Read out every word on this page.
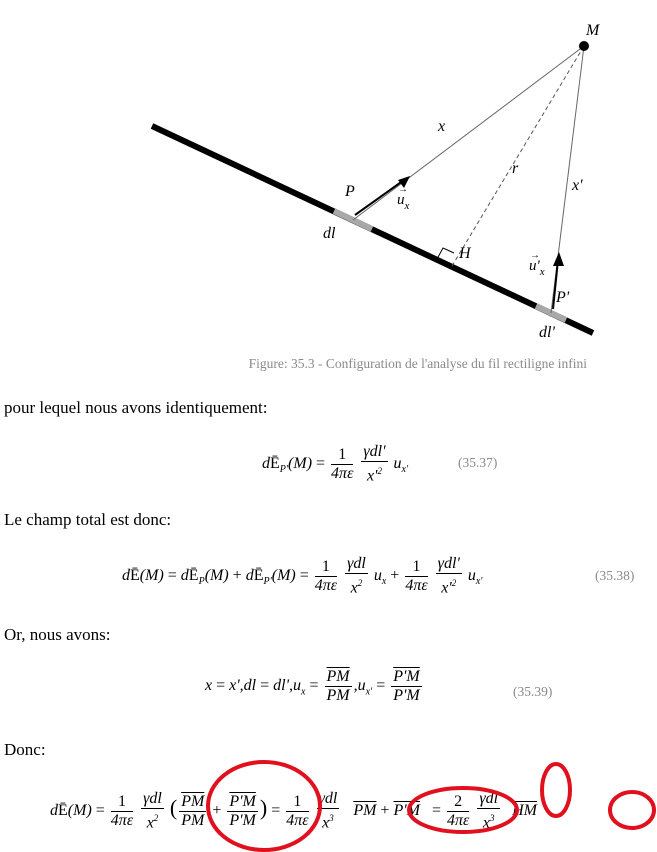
M
x
r
x'
P	$u_x$
→
dl
H
$u'_x$
→
P'
dl'
Figure: 35.3 - Configuration de l'analyse du fil rectiligne infini
pour lequel nous avons identiquement:
$dĒ_{P'}(M) = \frac{1}{4\pi\varepsilon}$
$\frac{\text{γdl'}}{x'^2} u_{x'}$	(35.37)
Le champ total est donc:
dĒ(M) = $dĒ_P(M)$ + $dĒ_{P'}(M) = \frac{1}{4\pi\varepsilon}$
$\frac{\text{γdl}}{x^2} u_x + \frac{1}{4\pi\varepsilon}$
$\frac{\text{γdl'}}{x'^2} u_{x'}$	(35.38)
Or, nous avons:
$x = x',dl = dl',u_x = \frac{\overline{PM}}{PM} ,u_{x'} = \frac{P'M}{P'M}$	(35.39)
Donc:
dĒ(M) = $\frac{1}{4\pi\varepsilon}$
$\frac{\text{γdl}}{x^2}$ ( $\frac{\overline{PM}}{PM} + \frac{P'M}{P'M}$ ) = $\frac{1}{4\pi\varepsilon}$
$\frac{\text{γdl}}{x^3} \overline{PM} + P'M = \frac{2}{4\pi\varepsilon}$
$\frac{\text{γdl}}{x^3} \overline{HM}$
